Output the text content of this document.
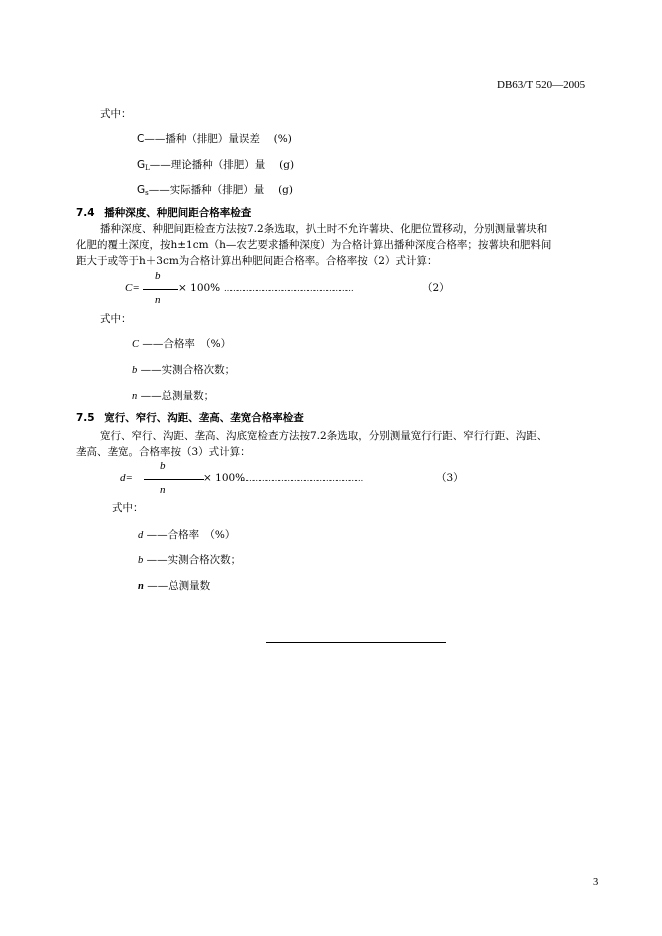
DB63/T 520—2005
式中：
C——播种（排肥）量误差　 (%)
$G_L——$理论播种（排肥）量　 (g)
$G_s——$实际播种（排肥）量　 (g)
7.4 播种深度、种肥间距合格率检查
播种深度、种肥间距检查方法按7.2条选取，扒土时不允许薯块、化肥位置移动，分别测量薯块和
化肥的覆土深度，按h±1cm（h—农艺要求播种深度）为合格计算出播种深度合格率；按薯块和肥料间
距大于或等于h＋3cm为合格计算出种肥间距合格率。合格率按（2）式计算：
C=
b
n
× 100% ……………………………………………………	（2）
式中：
C ——合格率　（%）
b ——实测合格次数；
n ——总测量数；
7.5 宽行、窄行、沟距、垄高、垄宽合格率检查
宽行、窄行、沟距、垄高、沟底宽检查方法按7.2条选取，分别测量宽行行距、窄行行距、沟距、
垄高、垄宽。合格率按（3）式计算：
d=
b
n
× 100%
…………………………………………………	（3）
式中：
d ——合格率　（%）
b ——实测合格次数；
n ——总测量数
3
